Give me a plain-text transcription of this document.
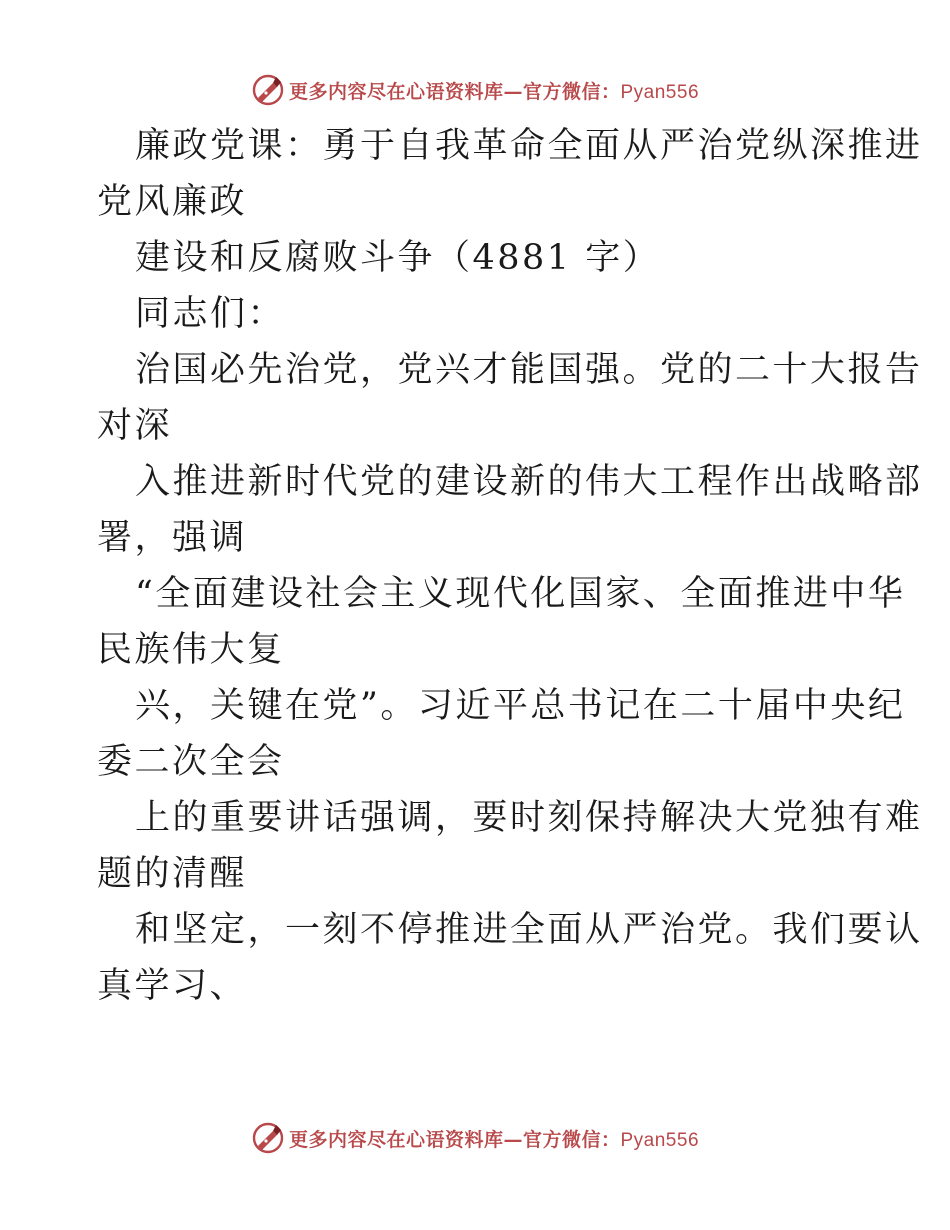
更多内容尽在心语资料库—官方微信：Pyan556
廉政党课：勇于自我革命全面从严治党纵深推进
党风廉政
建设和反腐败斗争（4881 字）
同志们：
治国必先治党，党兴才能国强。党的二十大报告
对深
入推进新时代党的建设新的伟大工程作出战略部
署，强调
“全面建设社会主义现代化国家、全面推进中华
民族伟大复
兴，关键在党”。习近平总书记在二十届中央纪
委二次全会
上的重要讲话强调，要时刻保持解决大党独有难
题的清醒
和坚定，一刻不停推进全面从严治党。我们要认
真学习、
更多内容尽在心语资料库—官方微信：Pyan556
